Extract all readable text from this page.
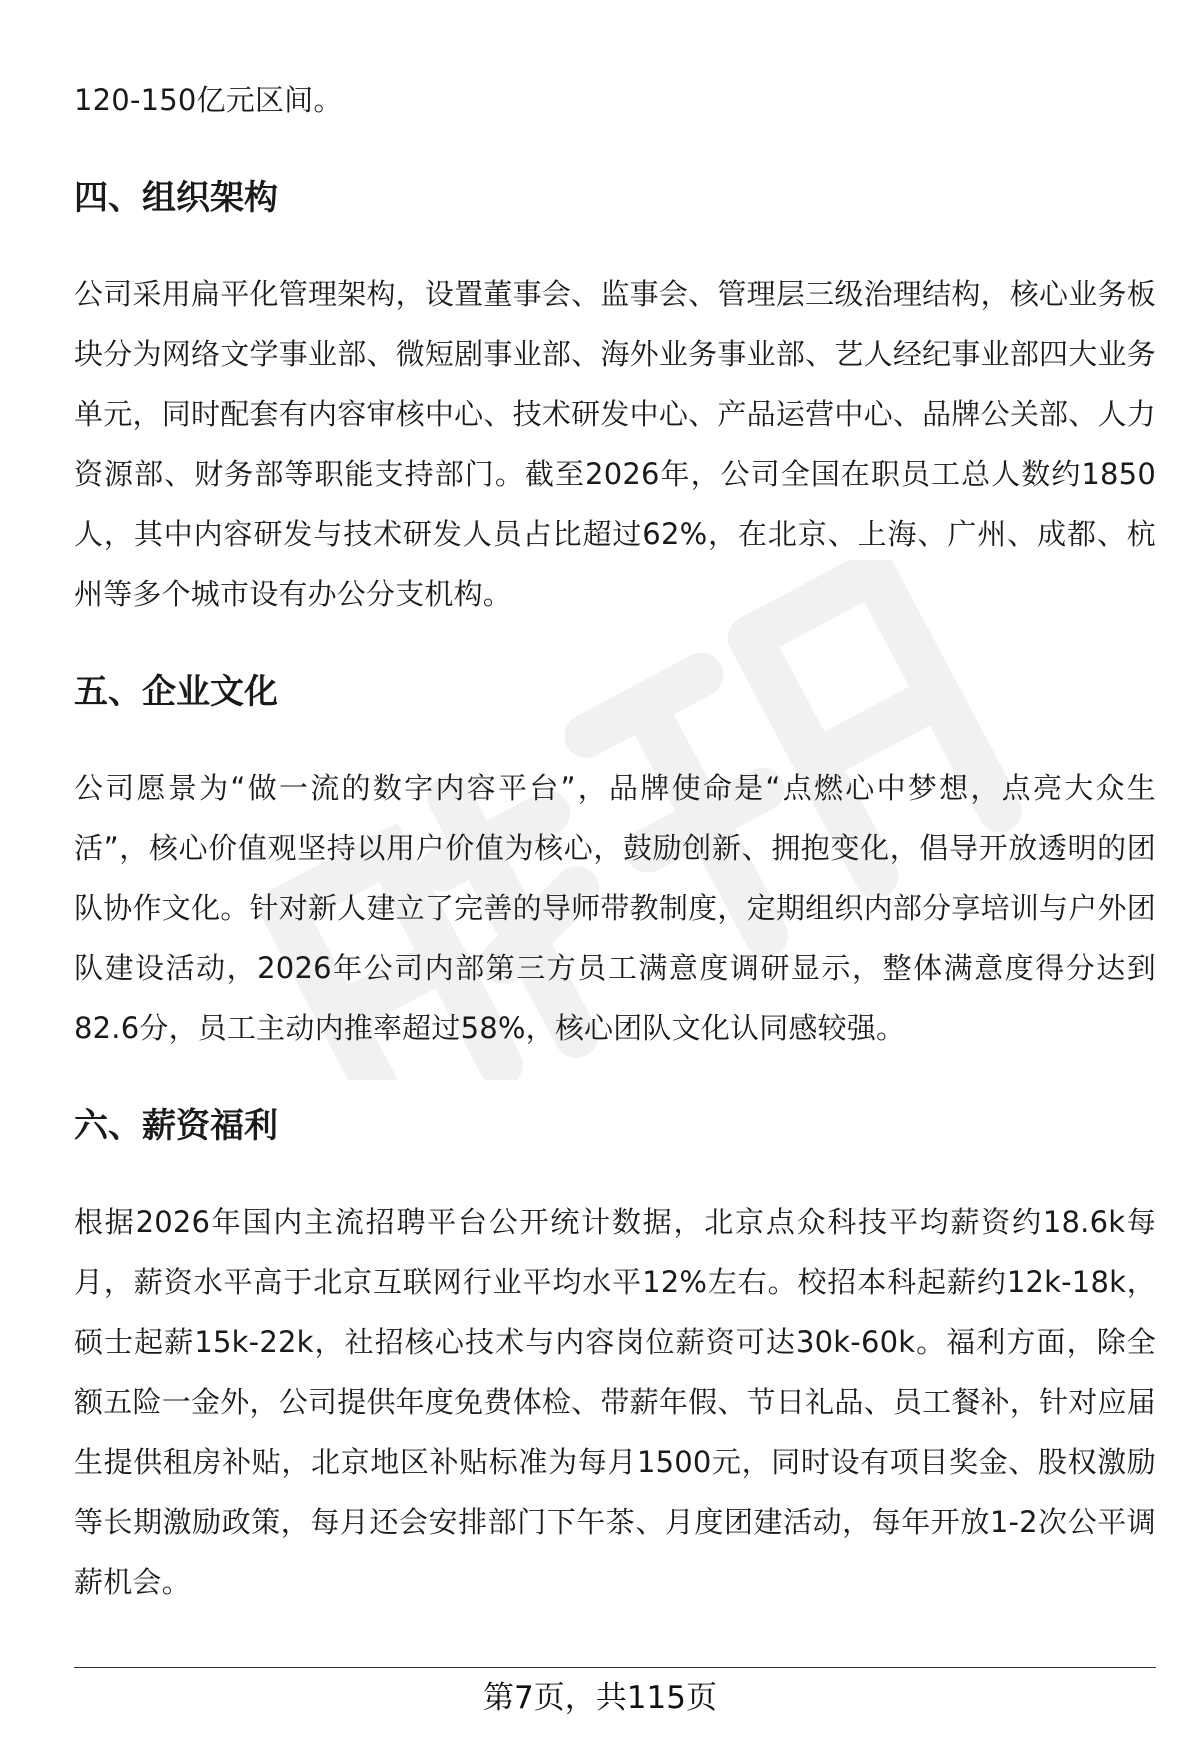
120-150亿元区间。

四、组织架构

公司采用扁平化管理架构，设置董事会、监事会、管理层三级治理结构，核心业务板块分为网络文学事业部、微短剧事业部、海外业务事业部、艺人经纪事业部四大业务单元，同时配套有内容审核中心、技术研发中心、产品运营中心、品牌公关部、人力资源部、财务部等职能支持部门。截至2026年，公司全国在职员工总人数约1850人，其中内容研发与技术研发人员占比超过62%，在北京、上海、广州、成都、杭州等多个城市设有办公分支机构。

五、企业文化

公司愿景为“做一流的数字内容平台”，品牌使命是“点燃心中梦想，点亮大众生活”，核心价值观坚持以用户价值为核心，鼓励创新、拥抱变化，倡导开放透明的团队协作文化。针对新人建立了完善的导师带教制度，定期组织内部分享培训与户外团队建设活动，2026年公司内部第三方员工满意度调研显示，整体满意度得分达到82.6分，员工主动内推率超过58%，核心团队文化认同感较强。

六、薪资福利

根据2026年国内主流招聘平台公开统计数据，北京点众科技平均薪资约18.6k每月，薪资水平高于北京互联网行业平均水平12%左右。校招本科起薪约12k-18k，硕士起薪15k-22k，社招核心技术与内容岗位薪资可达30k-60k。福利方面，除全额五险一金外，公司提供年度免费体检、带薪年假、节日礼品、员工餐补，针对应届生提供租房补贴，北京地区补贴标准为每月1500元，同时设有项目奖金、股权激励等长期激励政策，每月还会安排部门下午茶、月度团建活动，每年开放1-2次公平调薪机会。

第7页，共115页
